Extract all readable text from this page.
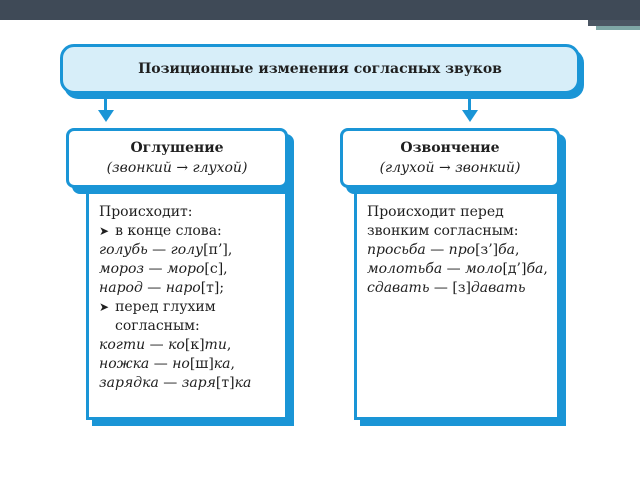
Позиционные изменения согласных звуков
Оглушение
(звонкий → глухой)
Происходит:
➤ в конце слова:
голубь — голу[п’],
мороз — моро[с],
народ — наро[т];
➤ перед глухим
согласным:
когти — ко[к]ти,
ножка — но[ш]ка,
зарядка — заря[т]ка
Озвончение
(глухой → звонкий)
Происходит перед
звонким согласным:
просьба — про[з’]ба,
молотьба — моло[д’]ба,
сдавать — [з]давать
